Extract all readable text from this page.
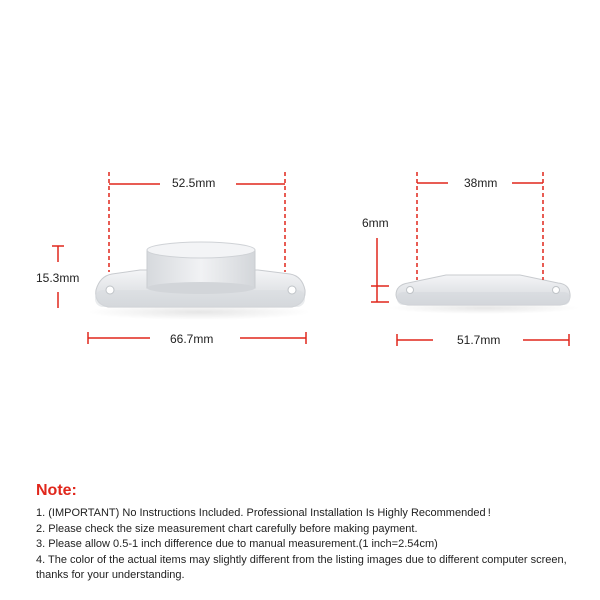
52.5mm
15.3mm
66.7mm
38mm
6mm
51.7mm
Note:
1. (IMPORTANT) No Instructions Included. Professional Installation Is Highly Recommended !
2. Please check the size measurement chart carefully before making payment.
3. Please allow 0.5-1 inch difference due to manual measurement.(1 inch=2.54cm)
4. The color of the actual items may slightly different from the listing images due to different computer screen, thanks for your understanding.
